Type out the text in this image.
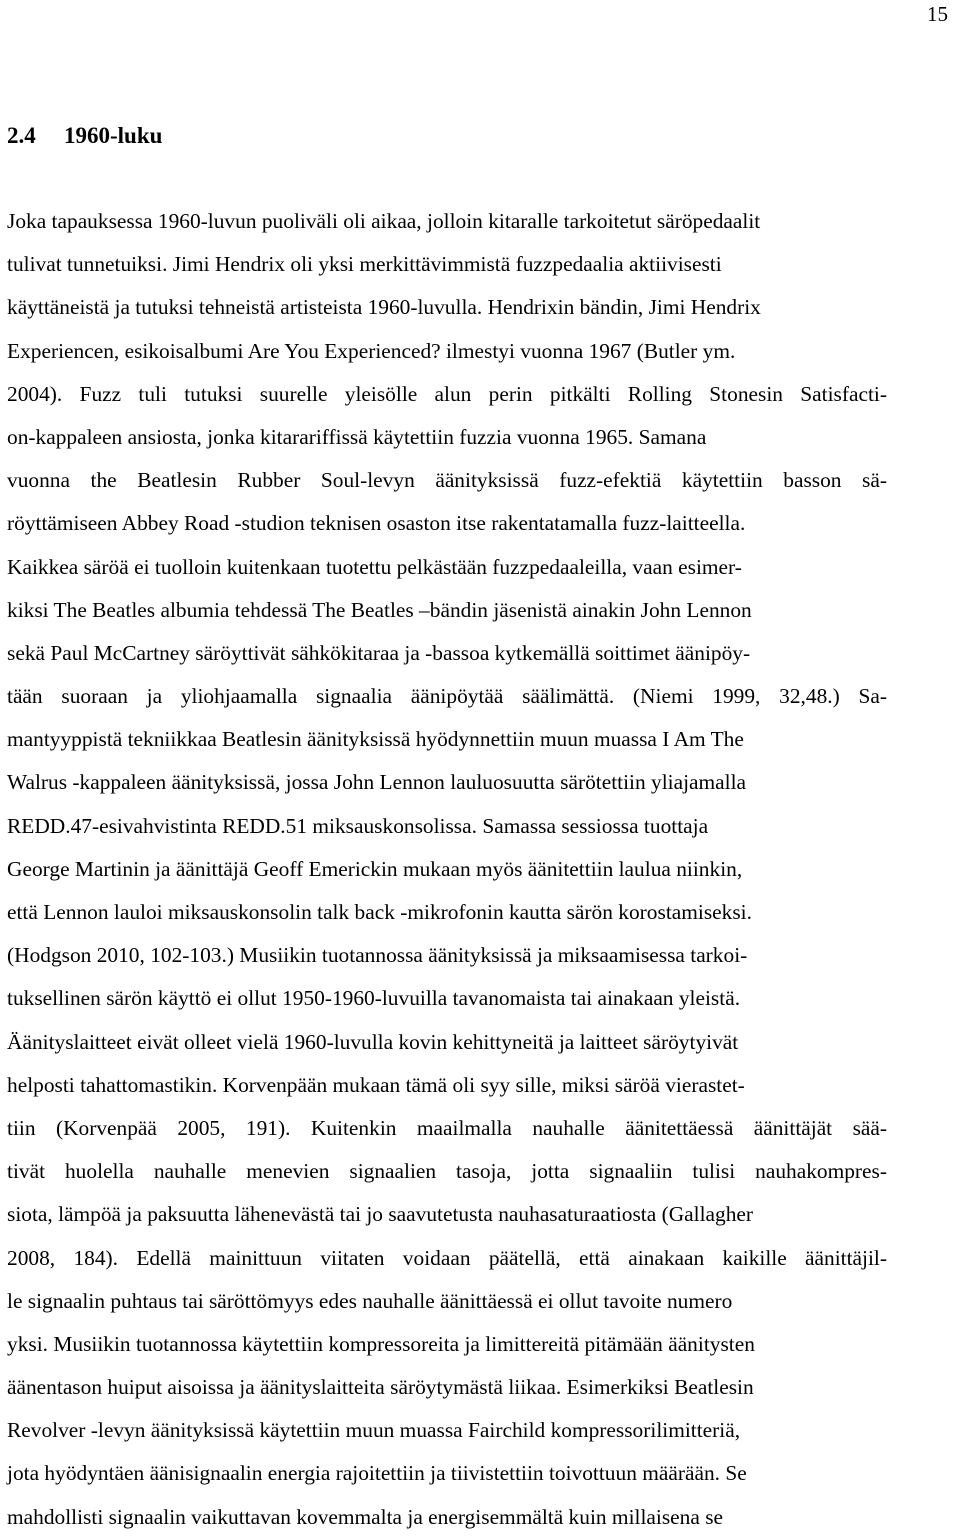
15
2.4 1960-luku
Joka tapauksessa 1960-luvun puoliväli oli aikaa, jolloin kitaralle tarkoitetut säröpedaalit
tulivat tunnetuiksi. Jimi Hendrix oli yksi merkittävimmistä fuzzpedaalia aktiivisesti
käyttäneistä ja tutuksi tehneistä artisteista 1960-luvulla. Hendrixin bändin, Jimi Hendrix
Experiencen, esikoisalbumi Are You Experienced? ilmestyi vuonna 1967 (Butler ym.
2004). Fuzz tuli tutuksi suurelle yleisölle alun perin pitkälti Rolling Stonesin Satisfacti-
on-kappaleen ansiosta, jonka kitarariffissä käytettiin fuzzia vuonna 1965. Samana
vuonna the Beatlesin Rubber Soul-levyn äänityksissä fuzz-efektiä käytettiin basson sä-
röyttämiseen Abbey Road -studion teknisen osaston itse rakentatamalla fuzz-laitteella.
Kaikkea säröä ei tuolloin kuitenkaan tuotettu pelkästään fuzzpedaaleilla, vaan esimer-
kiksi The Beatles albumia tehdessä The Beatles –bändin jäsenistä ainakin John Lennon
sekä Paul McCartney säröyttivät sähkökitaraa ja -bassoa kytkemällä soittimet äänipöy-
tään suoraan ja yliohjaamalla signaalia äänipöytää säälimättä. (Niemi 1999, 32,48.) Sa-
mantyyppistä tekniikkaa Beatlesin äänityksissä hyödynnettiin muun muassa I Am The
Walrus -kappaleen äänityksissä, jossa John Lennon lauluosuutta särötettiin yliajamalla
REDD.47-esivahvistinta REDD.51 miksauskonsolissa. Samassa sessiossa tuottaja
George Martinin ja äänittäjä Geoff Emerickin mukaan myös äänitettiin laulua niinkin,
että Lennon lauloi miksauskonsolin talk back -mikrofonin kautta särön korostamiseksi.
(Hodgson 2010, 102-103.) Musiikin tuotannossa äänityksissä ja miksaamisessa tarkoi-
tuksellinen särön käyttö ei ollut 1950-1960-luvuilla tavanomaista tai ainakaan yleistä.
Äänityslaitteet eivät olleet vielä 1960-luvulla kovin kehittyneitä ja laitteet säröytyivät
helposti tahattomastikin. Korvenpään mukaan tämä oli syy sille, miksi säröä vierastet-
tiin (Korvenpää 2005, 191). Kuitenkin maailmalla nauhalle äänitettäessä äänittäjät sää-
tivät huolella nauhalle menevien signaalien tasoja, jotta signaaliin tulisi nauhakompres-
siota, lämpöä ja paksuutta lähenevästä tai jo saavutetusta nauhasaturaatiosta (Gallagher
2008, 184). Edellä mainittuun viitaten voidaan päätellä, että ainakaan kaikille äänittäjil-
le signaalin puhtaus tai säröttömyys edes nauhalle äänittäessä ei ollut tavoite numero
yksi. Musiikin tuotannossa käytettiin kompressoreita ja limittereitä pitämään äänitysten
äänentason huiput aisoissa ja äänityslaitteita säröytymästä liikaa. Esimerkiksi Beatlesin
Revolver -levyn äänityksissä käytettiin muun muassa Fairchild kompressorilimitteriä,
jota hyödyntäen äänisignaalin energia rajoitettiin ja tiivistettiin toivottuun määrään. Se
mahdollisti signaalin vaikuttavan kovemmalta ja energisemmältä kuin millaisena se
